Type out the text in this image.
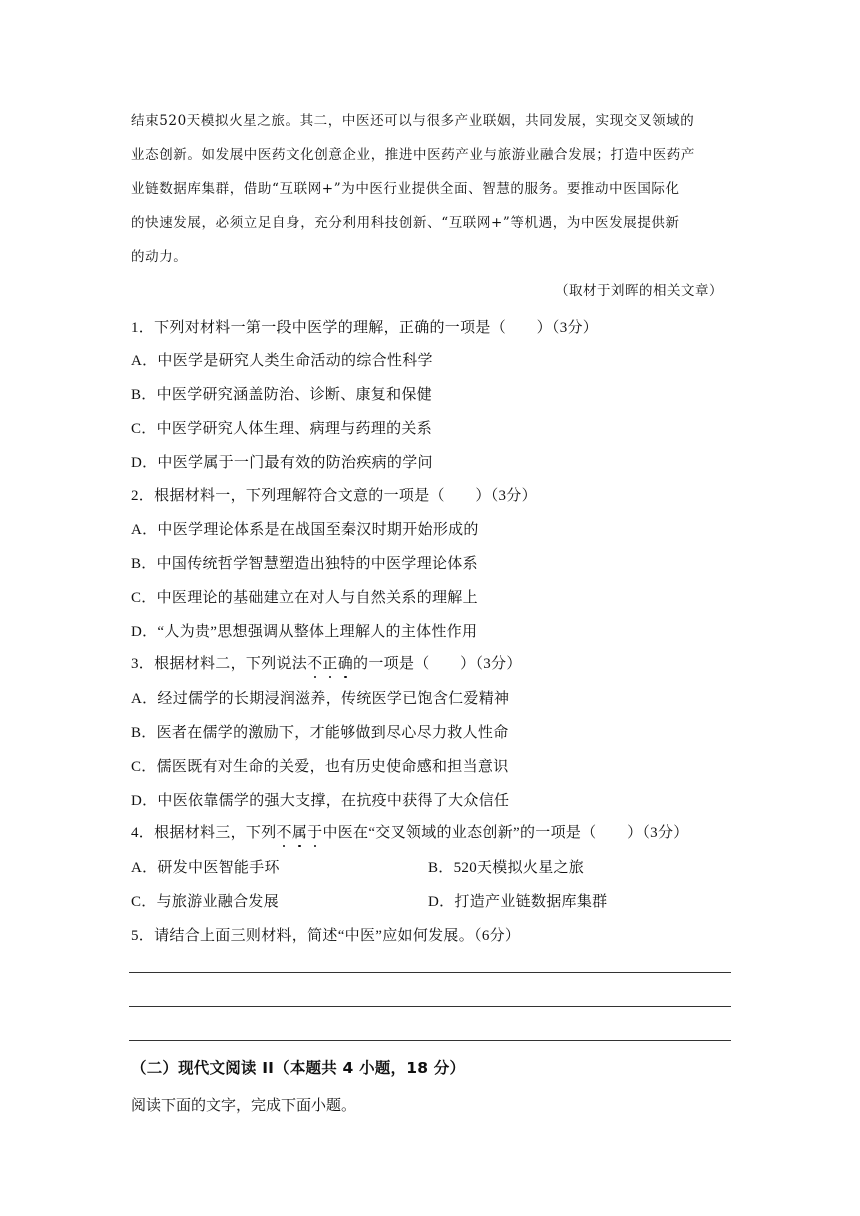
结束520天模拟火星之旅。其二，中医还可以与很多产业联姻，共同发展，实现交叉领域的
业态创新。如发展中医药文化创意企业，推进中医药产业与旅游业融合发展；打造中医药产
业链数据库集群，借助“互联网+”为中医行业提供全面、智慧的服务。要推动中医国际化
的快速发展，必须立足自身，充分利用科技创新、“互联网+”等机遇，为中医发展提供新
的动力。
（取材于刘晖的相关文章）
1．下列对材料一第一段中医学的理解，正确的一项是（　　）（3分）
A．中医学是研究人类生命活动的综合性科学
B．中医学研究涵盖防治、诊断、康复和保健
C．中医学研究人体生理、病理与药理的关系
D．中医学属于一门最有效的防治疾病的学问
2．根据材料一，下列理解符合文意的一项是（　　）（3分）
A．中医学理论体系是在战国至秦汉时期开始形成的
B．中国传统哲学智慧塑造出独特的中医学理论体系
C．中医理论的基础建立在对人与自然关系的理解上
D．“人为贵”思想强调从整体上理解人的主体性作用
3．根据材料二，下列说法不正确的一项是（　　）（3分）
A．经过儒学的长期浸润滋养，传统医学已饱含仁爱精神
B．医者在儒学的激励下，才能够做到尽心尽力救人性命
C．儒医既有对生命的关爱，也有历史使命感和担当意识
D．中医依靠儒学的强大支撑，在抗疫中获得了大众信任
4．根据材料三，下列不属于中医在“交叉领域的业态创新”的一项是（　　）（3分）
A．研发中医智能手环	B．520天模拟火星之旅
C．与旅游业融合发展	D．打造产业链数据库集群
5．请结合上面三则材料，简述“中医”应如何发展。（6分）
（二）现代文阅读 II（本题共 4 小题，18 分）
阅读下面的文字，完成下面小题。
